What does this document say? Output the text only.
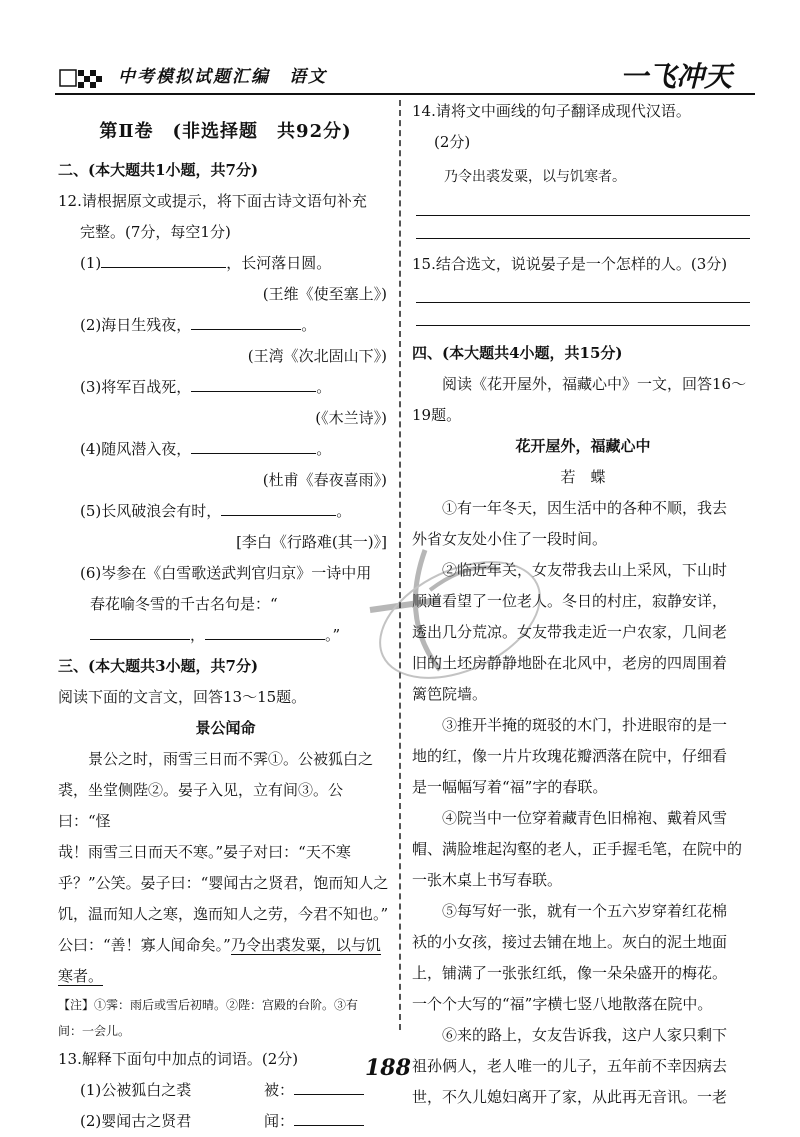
中考模拟试题汇编　语文	一飞冲天
第Ⅱ卷　(非选择题　共92分)
二、(本大题共1小题，共7分)
12.请根据原文或提示，将下面古诗文语句补充
完整。(7分，每空1分)
(1)	，长河落日圆。
(王维《使至塞上》)
(2)海日生残夜，	。
(王湾《次北固山下》)
(3)将军百战死，	。
(《木兰诗》)
(4)随风潜入夜，	。
(杜甫《春夜喜雨》)
(5)长风破浪会有时，	。
[李白《行路难(其一)》]
(6)岑参在《白雪歌送武判官归京》一诗中用
春花喻冬雪的千古名句是：“
，	。”
三、(本大题共3小题，共7分)
阅读下面的文言文，回答13～15题。
景公闻命
景公之时，雨雪三日而不霁①。公被狐白之
裘，坐堂侧陛②。晏子入见，立有间③。公曰：“怪
哉！雨雪三日而天不寒。”晏子对曰：“天不寒
乎？”公笑。晏子曰：“婴闻古之贤君，饱而知人之
饥，温而知人之寒，逸而知人之劳，今君不知也。”
公曰：“善！寡人闻命矣。”乃令出裘发粟，以与饥
寒者。
【注】①霁：雨后或雪后初晴。②陛：宫殿的台阶。③有
间：一会儿。
13.解释下面句中加点的词语。(2分)
(1)公被狐白之裘	被：
(2)婴闻古之贤君	闻：
14.请将文中画线的句子翻译成现代汉语。
(2分)
乃令出裘发粟，以与饥寒者。
15.结合选文，说说晏子是一个怎样的人。(3分)
四、(本大题共4小题，共15分)
阅读《花开屋外，福藏心中》一文，回答16～
19题。
花开屋外，福藏心中
若　蝶
①有一年冬天，因生活中的各种不顺，我去
外省女友处小住了一段时间。
②临近年关，女友带我去山上采风，下山时
顺道看望了一位老人。冬日的村庄，寂静安详，
透出几分荒凉。女友带我走近一户农家，几间老
旧的土坯房静静地卧在北风中，老房的四周围着
篱笆院墙。
③推开半掩的斑驳的木门，扑进眼帘的是一
地的红，像一片片玫瑰花瓣洒落在院中，仔细看
是一幅幅写着“福”字的春联。
④院当中一位穿着藏青色旧棉袍、戴着风雪
帽、满脸堆起沟壑的老人，正手握毛笔，在院中的
一张木桌上书写春联。
⑤每写好一张，就有一个五六岁穿着红花棉
袄的小女孩，接过去铺在地上。灰白的泥土地面
上，铺满了一张张红纸，像一朵朵盛开的梅花。
一个个大写的“福”字横七竖八地散落在院中。
⑥来的路上，女友告诉我，这户人家只剩下
祖孙俩人，老人唯一的儿子，五年前不幸因病去
世，不久儿媳妇离开了家，从此再无音讯。一老
188
